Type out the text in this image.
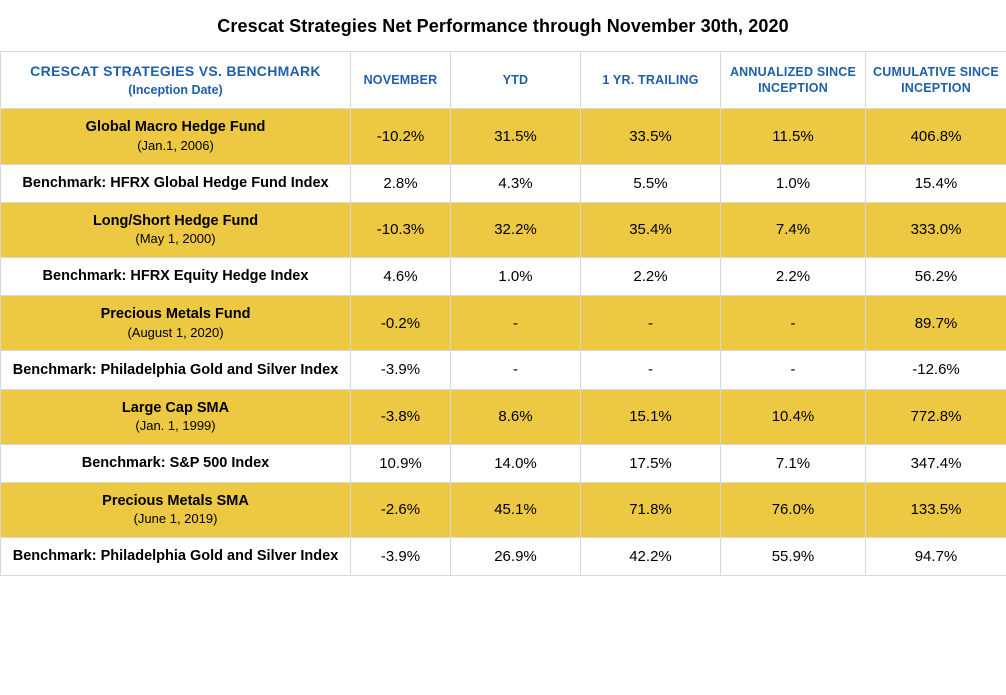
Crescat Strategies Net Performance through November 30th, 2020
CRESCAT STRATEGIES VS. BENCHMARK
(Inception Date)	NOVEMBER	YTD	1 YR. TRAILING	ANNUALIZED SINCE INCEPTION	CUMULATIVE SINCE INCEPTION
Global Macro Hedge Fund
(Jan.1, 2006)	-10.2%	31.5%	33.5%	11.5%	406.8%
Benchmark: HFRX Global Hedge Fund Index	2.8%	4.3%	5.5%	1.0%	15.4%
Long/Short Hedge Fund
(May 1, 2000)	-10.3%	32.2%	35.4%	7.4%	333.0%
Benchmark: HFRX Equity Hedge Index	4.6%	1.0%	2.2%	2.2%	56.2%
Precious Metals Fund
(August 1, 2020)	-0.2%	-	-	-	89.7%
Benchmark: Philadelphia Gold and Silver Index	-3.9%	-	-	-	-12.6%
Large Cap SMA
(Jan. 1, 1999)	-3.8%	8.6%	15.1%	10.4%	772.8%
Benchmark: S&P 500 Index	10.9%	14.0%	17.5%	7.1%	347.4%
Precious Metals SMA
(June 1, 2019)	-2.6%	45.1%	71.8%	76.0%	133.5%
Benchmark: Philadelphia Gold and Silver Index	-3.9%	26.9%	42.2%	55.9%	94.7%
